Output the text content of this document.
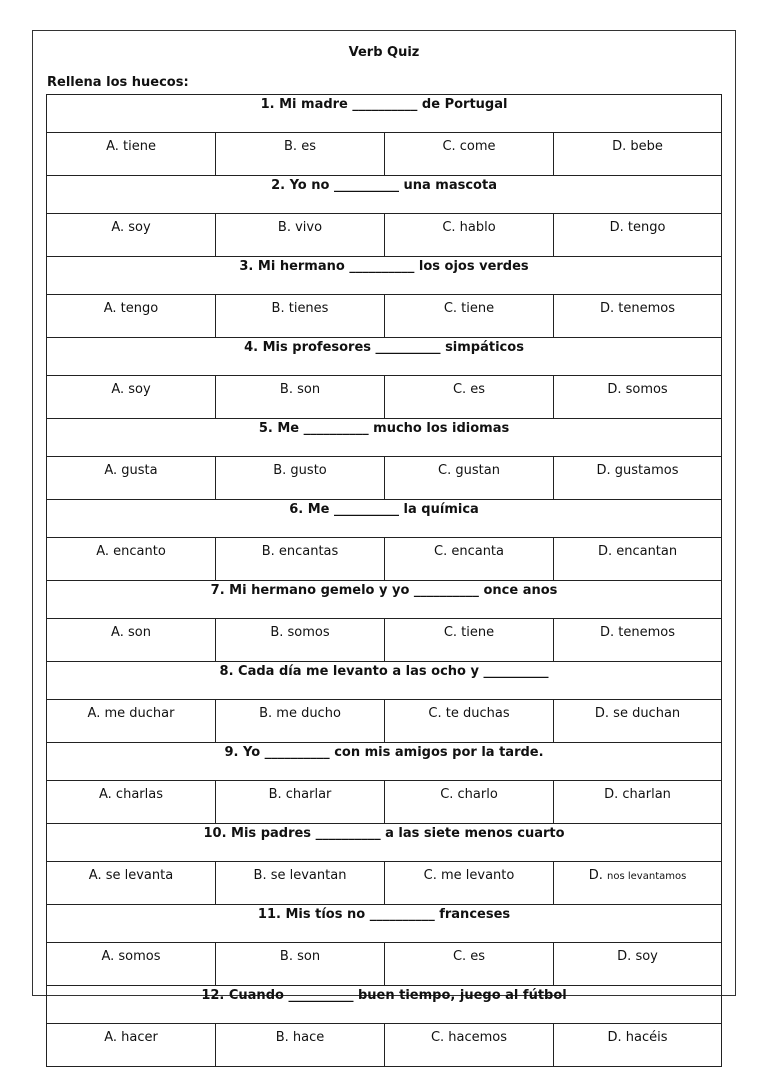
Verb Quiz
Rellena los huecos:
1. Mi madre __________ de Portugal			
A. tiene	B. es	C. come	D. bebe
2. Yo no __________ una mascota			
A. soy	B. vivo	C. hablo	D. tengo
3. Mi hermano __________ los ojos verdes			
A. tengo	B. tienes	C. tiene	D. tenemos
4. Mis profesores __________ simpáticos			
A. soy	B. son	C. es	D. somos
5. Me __________ mucho los idiomas			
A. gusta	B. gusto	C. gustan	D. gustamos
6. Me __________ la química			
A. encanto	B. encantas	C. encanta	D. encantan
7. Mi hermano gemelo y yo __________ once anos			
A. son	B. somos	C. tiene	D. tenemos
8. Cada día me levanto a las ocho y __________			
A. me duchar	B. me ducho	C. te duchas	D. se duchan
9. Yo __________ con mis amigos por la tarde.			
A. charlas	B. charlar	C. charlo	D. charlan
10. Mis padres __________ a las siete menos cuarto			
A. se levanta	B. se levantan	C. me levanto	D. nos levantamos
11. Mis tíos no __________ franceses			
A. somos	B. son	C. es	D. soy
12. Cuando __________ buen tiempo, juego al fútbol			
A. hacer	B. hace	C. hacemos	D. hacéis
